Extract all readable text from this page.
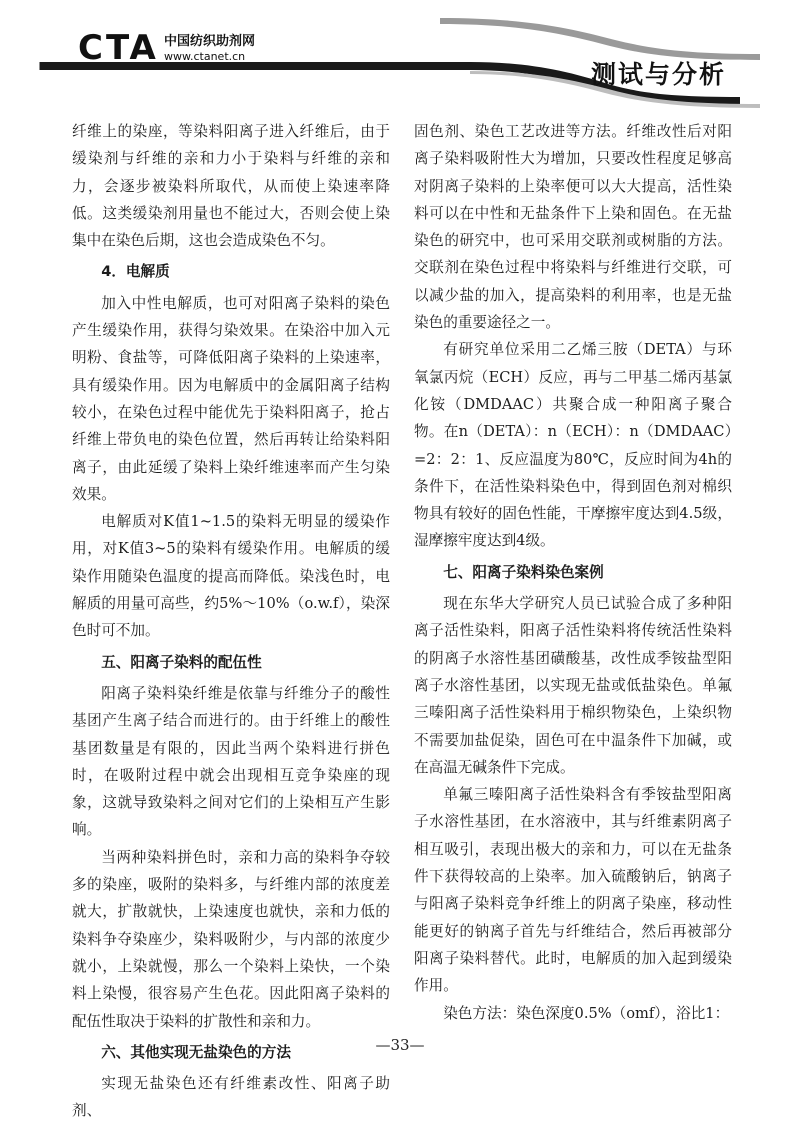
CTA 中国纺织助剂网
www.ctanet.cn
测试与分析

纤维上的染座，等染料阳离子进入纤维后，由于缓染剂与纤维的亲和力小于染料与纤维的亲和力，会逐步被染料所取代，从而使上染速率降低。这类缓染剂用量也不能过大，否则会使上染集中在染色后期，这也会造成染色不匀。

4．电解质

加入中性电解质，也可对阳离子染料的染色产生缓染作用，获得匀染效果。在染浴中加入元明粉、食盐等，可降低阳离子染料的上染速率，具有缓染作用。因为电解质中的金属阳离子结构较小，在染色过程中能优先于染料阳离子，抢占纤维上带负电的染色位置，然后再转让给染料阳离子，由此延缓了染料上染纤维速率而产生匀染效果。

电解质对K值1~1.5的染料无明显的缓染作用，对K值3~5的染料有缓染作用。电解质的缓染作用随染色温度的提高而降低。染浅色时，电解质的用量可高些，约5%～10%（o.w.f），染深色时可不加。

五、阳离子染料的配伍性

阳离子染料染纤维是依靠与纤维分子的酸性基团产生离子结合而进行的。由于纤维上的酸性基团数量是有限的，因此当两个染料进行拼色时，在吸附过程中就会出现相互竞争染座的现象，这就导致染料之间对它们的上染相互产生影响。

当两种染料拼色时，亲和力高的染料争夺较多的染座，吸附的染料多，与纤维内部的浓度差就大，扩散就快，上染速度也就快，亲和力低的染料争夺染座少，染料吸附少，与内部的浓度少就小，上染就慢，那么一个染料上染快，一个染料上染慢，很容易产生色花。因此阳离子染料的配伍性取决于染料的扩散性和亲和力。

六、其他实现无盐染色的方法

实现无盐染色还有纤维素改性、阳离子助剂、

固色剂、染色工艺改进等方法。纤维改性后对阳离子染料吸附性大为增加，只要改性程度足够高对阴离子染料的上染率便可以大大提高，活性染料可以在中性和无盐条件下上染和固色。在无盐染色的研究中，也可采用交联剂或树脂的方法。交联剂在染色过程中将染料与纤维进行交联，可以减少盐的加入，提高染料的利用率，也是无盐染色的重要途径之一。

有研究单位采用二乙烯三胺（DETA）与环氧氯丙烷（ECH）反应，再与二甲基二烯丙基氯化铵（DMDAAC）共聚合成一种阳离子聚合物。在n（DETA）：n（ECH）：n（DMDAAC）=2：2：1、反应温度为80℃，反应时间为4h的条件下，在活性染料染色中，得到固色剂对棉织物具有较好的固色性能，干摩擦牢度达到4.5级，湿摩擦牢度达到4级。

七、阳离子染料染色案例

现在东华大学研究人员已试验合成了多种阳离子活性染料，阳离子活性染料将传统活性染料的阴离子水溶性基团磺酸基，改性成季铵盐型阳离子水溶性基团，以实现无盐或低盐染色。单氟三嗪阳离子活性染料用于棉织物染色，上染织物不需要加盐促染，固色可在中温条件下加碱，或在高温无碱条件下完成。

单氟三嗪阳离子活性染料含有季铵盐型阳离子水溶性基团，在水溶液中，其与纤维素阴离子相互吸引，表现出极大的亲和力，可以在无盐条件下获得较高的上染率。加入硫酸钠后，钠离子与阳离子染料竞争纤维上的阴离子染座，移动性能更好的钠离子首先与纤维结合，然后再被部分阳离子染料替代。此时，电解质的加入起到缓染作用。

染色方法：染色深度0.5%（omf），浴比1：

—33—
